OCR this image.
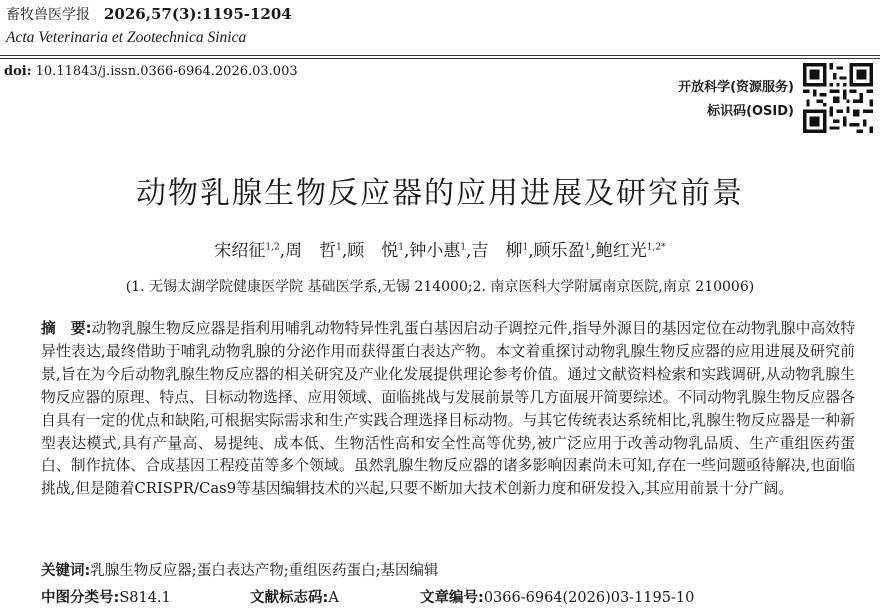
畜牧兽医学报 2026,57(3):1195-1204
Acta Veterinaria et Zootechnica Sinica
doi: 10.11843/j.issn.0366-6964.2026.03.003
开放科学(资源服务)
标识码(OSID)
动物乳腺生物反应器的应用进展及研究前景
宋绍征$^{1,2}$,周　哲$^1$,顾　悦$^1$,钟小惠$^1$,吉　柳$^1$,顾乐盈$^1$,鲍红光$^{1,2*}$
(1. 无锡太湖学院健康医学院 基础医学系,无锡 214000;2. 南京医科大学附属南京医院,南京 210006)
摘　要:动物乳腺生物反应器是指利用哺乳动物特异性乳蛋白基因启动子调控元件,指导外源目的基因定位在动物乳腺中高效特异性表达,最终借助于哺乳动物乳腺的分泌作用而获得蛋白表达产物。本文着重探讨动物乳腺生物反应器的应用进展及研究前景,旨在为今后动物乳腺生物反应器的相关研究及产业化发展提供理论参考价值。通过文献资料检索和实践调研,从动物乳腺生物反应器的原理、特点、目标动物选择、应用领域、面临挑战与发展前景等几方面展开简要综述。不同动物乳腺生物反应器各自具有一定的优点和缺陷,可根据实际需求和生产实践合理选择目标动物。与其它传统表达系统相比,乳腺生物反应器是一种新型表达模式,具有产量高、易提纯、成本低、生物活性高和安全性高等优势,被广泛应用于改善动物乳品质、生产重组医药蛋白、制作抗体、合成基因工程疫苗等多个领域。虽然乳腺生物反应器的诸多影响因素尚未可知,存在一些问题亟待解决,也面临挑战,但是随着CRISPR/Cas9等基因编辑技术的兴起,只要不断加大技术创新力度和研发投入,其应用前景十分广阔。
关键词:乳腺生物反应器;蛋白表达产物;重组医药蛋白;基因编辑
中图分类号:S814.1	文献标志码:A	文章编号:0366-6964(2026)03-1195-10
